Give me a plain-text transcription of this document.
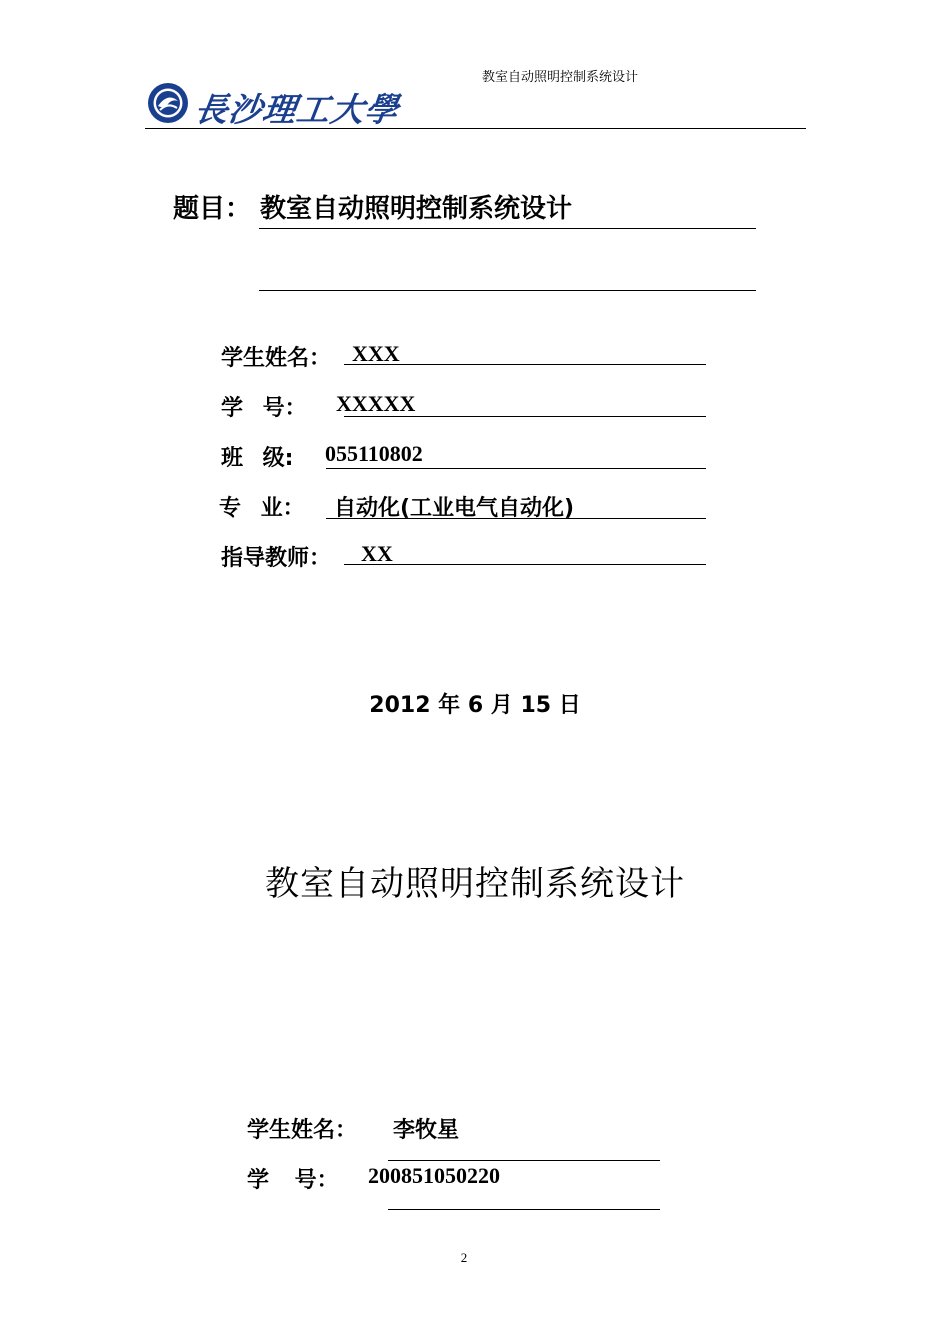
長沙理工大學
教室自动照明控制系统设计
题目： 教室自动照明控制系统设计
学生姓名： XXX
学 号： XXXXX
班 级: 055110802
专 业： 自动化(工业电气自动化)
指导教师： XX
2012 年 6 月 15 日
教室自动照明控制系统设计
学生姓名： 李牧星
学 号： 200851050220
2
